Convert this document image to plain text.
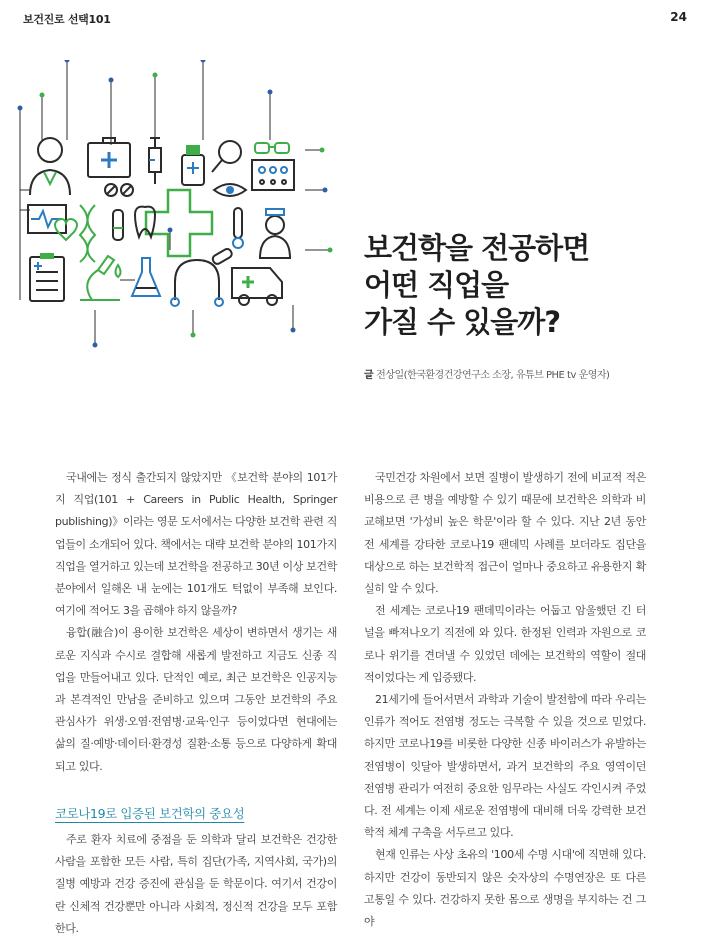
보건진로 선택101	24

보건학을 전공하면

어떤 직업을

가질 수 있을까?

글 전상일(한국환경건강연구소 소장, 유튜브 PHE tv 운영자)

국내에는 정식 출간되지 않았지만 《보건학 분야의 101가지 직업(101 + Careers in Public Health, Springer publishing)》이라는 영문 도서에서는 다양한 보건학 관련 직업들이 소개되어 있다. 책에서는 대략 보건학 분야의 101가지 직업을 열거하고 있는데 보건학을 전공하고 30년 이상 보건학 분야에서 일해온 내 눈에는 101개도 턱없이 부족해 보인다. 여기에 적어도 3을 곱해야 하지 않을까?

융합(融合)이 용이한 보건학은 세상이 변하면서 생기는 새로운 지식과 수시로 결합해 새롭게 발전하고 지금도 신종 직업을 만들어내고 있다. 단적인 예로, 최근 보건학은 인공지능과 본격적인 만남을 준비하고 있으며 그동안 보건학의 주요 관심사가 위생·오염·전염병·교육·인구 등이었다면 현대에는 삶의 질·예방·데이터·환경성 질환·소통 등으로 다양하게 확대되고 있다.

코로나19로 입증된 보건학의 중요성

주로 환자 치료에 중점을 둔 의학과 달리 보건학은 건강한 사람을 포함한 모든 사람, 특히 집단(가족, 지역사회, 국가)의 질병 예방과 건강 증진에 관심을 둔 학문이다. 여기서 건강이란 신체적 건강뿐만 아니라 사회적, 정신적 건강을 모두 포함한다.

국민건강 차원에서 보면 질병이 발생하기 전에 비교적 적은 비용으로 큰 병을 예방할 수 있기 때문에 보건학은 의학과 비교해보면 '가성비 높은 학문'이라 할 수 있다. 지난 2년 동안 전 세계를 강타한 코로나19 팬데믹 사례를 보더라도 집단을 대상으로 하는 보건학적 접근이 얼마나 중요하고 유용한지 확실히 알 수 있다.

전 세계는 코로나19 팬데믹이라는 어둡고 암울했던 긴 터널을 빠져나오기 직전에 와 있다. 한정된 인력과 자원으로 코로나 위기를 견뎌낼 수 있었던 데에는 보건학의 역할이 절대적이었다는 게 입증됐다.

21세기에 들어서면서 과학과 기술이 발전함에 따라 우리는 인류가 적어도 전염병 정도는 극복할 수 있을 것으로 믿었다. 하지만 코로나19를 비롯한 다양한 신종 바이러스가 유발하는 전염병이 잇달아 발생하면서, 과거 보건학의 주요 영역이던 전염병 관리가 여전히 중요한 임무라는 사실도 각인시켜 주었다. 전 세계는 이제 새로운 전염병에 대비해 더욱 강력한 보건학적 체계 구축을 서두르고 있다.

현재 인류는 사상 초유의 '100세 수명 시대'에 직면해 있다. 하지만 건강이 동반되지 않은 숫자상의 수명연장은 또 다른 고통일 수 있다. 건강하지 못한 몸으로 생명을 부지하는 건 그야
